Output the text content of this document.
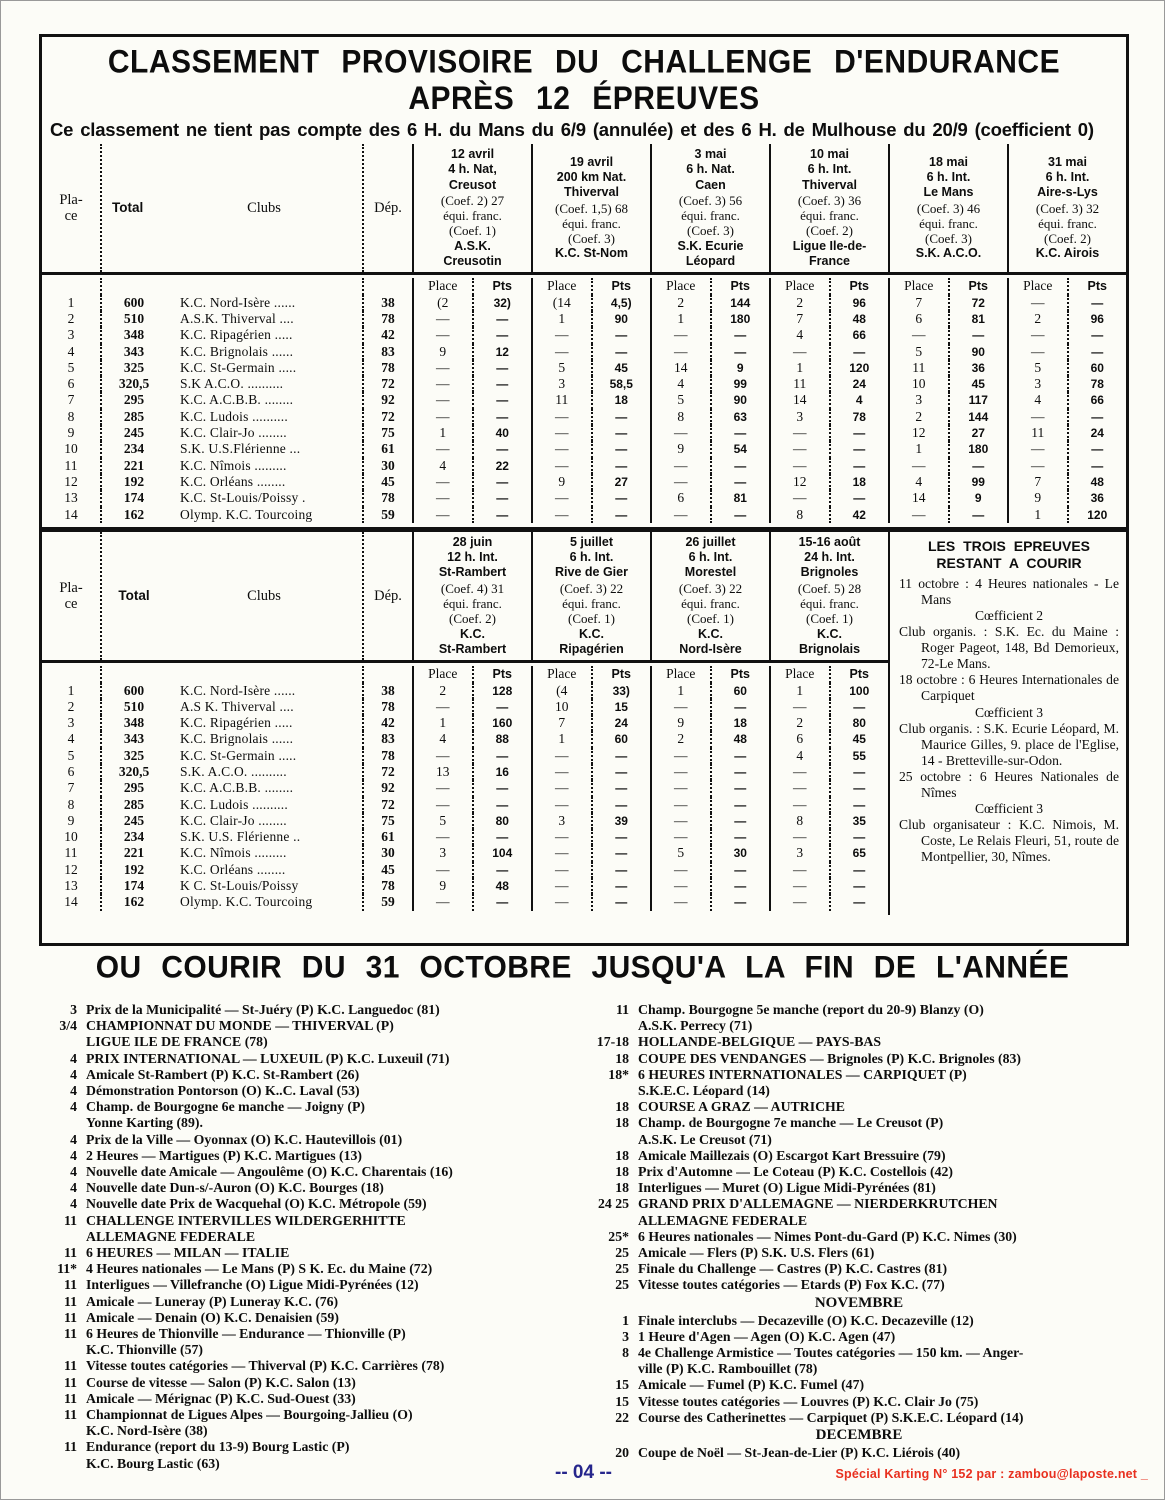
CLASSEMENT PROVISOIRE DU CHALLENGE D'ENDURANCE
APRÈS 12 ÉPREUVES
Ce classement ne tient pas compte des 6 H. du Mans du 6/9 (annulée) et des 6 H. de Mulhouse du 20/9 (coefficient 0)
Pla-
ce
Total	Clubs	Dép.
12 avril
4 h. Nat,
Creusot
(Coef. 2) 27
équi. franc.
(Coef. 1)
A.S.K.
Creusotin
19 avril
200 km Nat.
Thiverval
(Coef. 1,5) 68
équi. franc.
(Coef. 3)
K.C. St-Nom
3 mai
6 h. Nat.
Caen
(Coef. 3) 56
équi. franc.
(Coef. 3)
S.K. Ecurie
Léopard
10 mai
6 h. Int.
Thiverval
(Coef. 3) 36
équi. franc.
(Coef. 2)
Ligue Ile-de-
France
18 mai
6 h. Int.
Le Mans
(Coef. 3) 46
équi. franc.
(Coef. 3)
S.K. A.C.O.
31 mai
6 h. Int.
Aire-s-Lys
(Coef. 3) 32
équi. franc.
(Coef. 2)
K.C. Airois
Place	Pts	Place	Pts	Place	Pts	Place	Pts	Place	Pts	Place	Pts
1	600	K.C. Nord-Isère ......	38	(2	32)	(14	4,5)	2	144	2	96	7	72	—	—
2	510	A.S.K. Thiverval ....	78	—	—	1	90	1	180	7	48	6	81	2	96
3	348	K.C. Ripagérien .....	42	—	—	—	—	—	—	4	66	—	—	—	—
4	343	K.C. Brignolais ......	83	9	12	—	—	—	—	—	—	5	90	—	—
5	325	K.C. St-Germain .....	78	—	—	5	45	14	9	1	120	11	36	5	60
6	320,5	S.K A.C.O. ..........	72	—	—	3	58,5	4	99	11	24	10	45	3	78
7	295	K.C. A.C.B.B. ........	92	—	—	11	18	5	90	14	4	3	117	4	66
8	285	K.C. Ludois ..........	72	—	—	—	—	8	63	3	78	2	144	—	—
9	245	K.C. Clair-Jo ........	75	1	40	—	—	—	—	—	—	12	27	11	24
10	234	S.K. U.S.Flérienne ...	61	—	—	—	—	9	54	—	—	1	180	—	—
11	221	K.C. Nîmois .........	30	4	22	—	—	—	—	—	—	—	—	—	—
12	192	K.C. Orléans ........	45	—	—	9	27	—	—	12	18	4	99	7	48
13	174	K.C. St-Louis/Poissy .	78	—	—	—	—	6	81	—	—	14	9	9	36
14	162	Olymp. K.C. Tourcoing	59	—	—	—	—	—	—	8	42	—	—	1	120
Pla-
ce
Total	Clubs	Dép.
28 juin
12 h. Int.
St-Rambert
(Coef. 4) 31
équi. franc.
(Coef. 2)
K.C.
St-Rambert
5 juillet
6 h. Int.
Rive de Gier
(Coef. 3) 22
équi. franc.
(Coef. 1)
K.C.
Ripagérien
26 juillet
6 h. Int.
Morestel
(Coef. 3) 22
équi. franc.
(Coef. 1)
K.C.
Nord-Isère
15-16 août
24 h. Int.
Brignoles
(Coef. 5) 28
équi. franc.
(Coef. 1)
K.C.
Brignolais
Place	Pts	Place	Pts	Place	Pts	Place	Pts
1	600	K.C. Nord-Isère ......	38	2	128	(4	33)	1	60	1	100
2	510	A.S K. Thiverval ....	78	—	—	10	15	—	—	—	—
3	348	K.C. Ripagérien .....	42	1	160	7	24	9	18	2	80
4	343	K.C. Brignolais ......	83	4	88	1	60	2	48	6	45
5	325	K.C. St-Germain .....	78	—	—	—	—	—	—	4	55
6	320,5	S.K. A.C.O. ..........	72	13	16	—	—	—	—	—	—
7	295	K.C. A.C.B.B. ........	92	—	—	—	—	—	—	—	—
8	285	K.C. Ludois ..........	72	—	—	—	—	—	—	—	—
9	245	K.C. Clair-Jo ........	75	5	80	3	39	—	—	8	35
10	234	S.K. U.S. Flérienne ..	61	—	—	—	—	—	—	—	—
11	221	K.C. Nîmois .........	30	3	104	—	—	5	30	3	65
12	192	K.C. Orléans ........	45	—	—	—	—	—	—	—	—
13	174	K C. St-Louis/Poissy	78	9	48	—	—	—	—	—	—
14	162	Olymp. K.C. Tourcoing	59	—	—	—	—	—	—	—	—
LES TROIS EPREUVES
RESTANT A COURIR
11 octobre : 4 Heures nationales - Le Mans
Cœfficient 2
Club organis. : S.K. Ec. du Maine : Roger Pageot, 148, Bd Demorieux, 72-Le Mans.
18 octobre : 6 Heures Internationales de Carpiquet
Cœfficient 3
Club organis. : S.K. Ecurie Léopard, M. Maurice Gilles, 9. place de l'Eglise, 14 - Bretteville-sur-Odon.
25 octobre : 6 Heures Nationales de Nîmes
Cœfficient 3
Club organisateur : K.C. Nimois, M. Coste, Le Relais Fleuri, 51, route de Montpellier, 30, Nîmes.
OU COURIR DU 31 OCTOBRE JUSQU'A LA FIN DE L'ANNÉE
3 Prix de la Municipalité — St-Juéry (P) K.C. Languedoc (81)
3/4 CHAMPIONNAT DU MONDE — THIVERVAL (P)
LIGUE ILE DE FRANCE (78)
4 PRIX INTERNATIONAL — LUXEUIL (P) K.C. Luxeuil (71)
4 Amicale St-Rambert (P) K.C. St-Rambert (26)
4 Démonstration Pontorson (O) K..C. Laval (53)
4 Champ. de Bourgogne 6e manche — Joigny (P)
Yonne Karting (89).
4 Prix de la Ville — Oyonnax (O) K.C. Hautevillois (01)
4 2 Heures — Martigues (P) K.C. Martigues (13)
4 Nouvelle date Amicale — Angoulême (O) K.C. Charentais (16)
4 Nouvelle date Dun-s/-Auron (O) K.C. Bourges (18)
4 Nouvelle date Prix de Wacquehal (O) K.C. Métropole (59)
11 CHALLENGE INTERVILLES WILDERGERHITTE
ALLEMAGNE FEDERALE
11 6 HEURES — MILAN — ITALIE
11* 4 Heures nationales — Le Mans (P) S K. Ec. du Maine (72)
11 Interligues — Villefranche (O) Ligue Midi-Pyrénées (12)
11 Amicale — Luneray (P) Luneray K.C. (76)
11 Amicale — Denain (O) K.C. Denaisien (59)
11 6 Heures de Thionville — Endurance — Thionville (P)
K.C. Thionville (57)
11 Vitesse toutes catégories — Thiverval (P) K.C. Carrières (78)
11 Course de vitesse — Salon (P) K.C. Salon (13)
11 Amicale — Mérignac (P) K.C. Sud-Ouest (33)
11 Championnat de Ligues Alpes — Bourgoing-Jallieu (O)
K.C. Nord-Isère (38)
11 Endurance (report du 13-9) Bourg Lastic (P)
K.C. Bourg Lastic (63)
11 Champ. Bourgogne 5e manche (report du 20-9) Blanzy (O)
A.S.K. Perrecy (71)
17-18 HOLLANDE-BELGIQUE — PAYS-BAS
18 COUPE DES VENDANGES — Brignoles (P) K.C. Brignoles (83)
18* 6 HEURES INTERNATIONALES — CARPIQUET (P)
S.K.E.C. Léopard (14)
18 COURSE A GRAZ — AUTRICHE
18 Champ. de Bourgogne 7e manche — Le Creusot (P)
A.S.K. Le Creusot (71)
18 Amicale Maillezais (O) Escargot Kart Bressuire (79)
18 Prix d'Automne — Le Coteau (P) K.C. Costellois (42)
18 Interligues — Muret (O) Ligue Midi-Pyrénées (81)
24 25 GRAND PRIX D'ALLEMAGNE — NIERDERKRUTCHEN
ALLEMAGNE FEDERALE
25* 6 Heures nationales — Nimes Pont-du-Gard (P) K.C. Nimes (30)
25 Amicale — Flers (P) S.K. U.S. Flers (61)
25 Finale du Challenge — Castres (P) K.C. Castres (81)
25 Vitesse toutes catégories — Etards (P) Fox K.C. (77)
NOVEMBRE
1 Finale interclubs — Decazeville (O) K.C. Decazeville (12)
3 1 Heure d'Agen — Agen (O) K.C. Agen (47)
8 4e Challenge Armistice — Toutes catégories — 150 km. — Anger-
ville (P) K.C. Rambouillet (78)
15 Amicale — Fumel (P) K.C. Fumel (47)
15 Vitesse toutes catégories — Louvres (P) K.C. Clair Jo (75)
22 Course des Catherinettes — Carpiquet (P) S.K.E.C. Léopard (14)
DECEMBRE
20 Coupe de Noël — St-Jean-de-Lier (P) K.C. Liérois (40)
-- 04 --	Spécial Karting N° 152 par : zambou@laposte.net _
